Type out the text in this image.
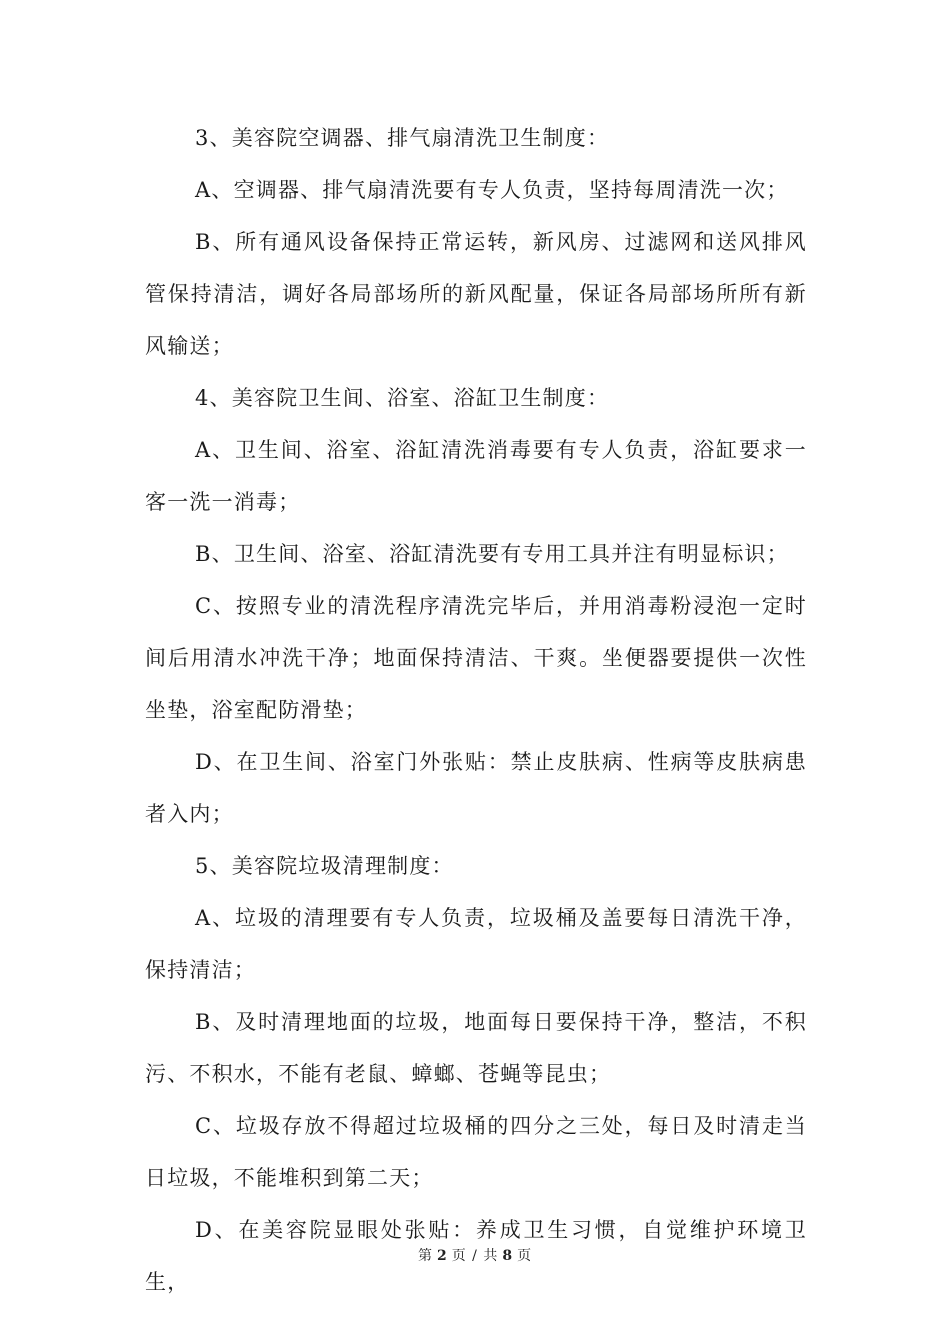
3、美容院空调器、排气扇清洗卫生制度：

A、空调器、排气扇清洗要有专人负责，坚持每周清洗一次；

B、所有通风设备保持正常运转，新风房、过滤网和送风排风管保持清洁，调好各局部场所的新风配量，保证各局部场所所有新风输送；

4、美容院卫生间、浴室、浴缸卫生制度：

A、卫生间、浴室、浴缸清洗消毒要有专人负责，浴缸要求一客一洗一消毒；

B、卫生间、浴室、浴缸清洗要有专用工具并注有明显标识；

C、按照专业的清洗程序清洗完毕后，并用消毒粉浸泡一定时间后用清水冲洗干净；地面保持清洁、干爽。坐便器要提供一次性坐垫，浴室配防滑垫；

D、在卫生间、浴室门外张贴：禁止皮肤病、性病等皮肤病患者入内；

5、美容院垃圾清理制度：

A、垃圾的清理要有专人负责，垃圾桶及盖要每日清洗干净，保持清洁；

B、及时清理地面的垃圾，地面每日要保持干净，整洁，不积污、不积水，不能有老鼠、蟑螂、苍蝇等昆虫；

C、垃圾存放不得超过垃圾桶的四分之三处，每日及时清走当日垃圾，不能堆积到第二天；

D、在美容院显眼处张贴：养成卫生习惯，自觉维护环境卫生，

第 2 页 / 共 8 页
